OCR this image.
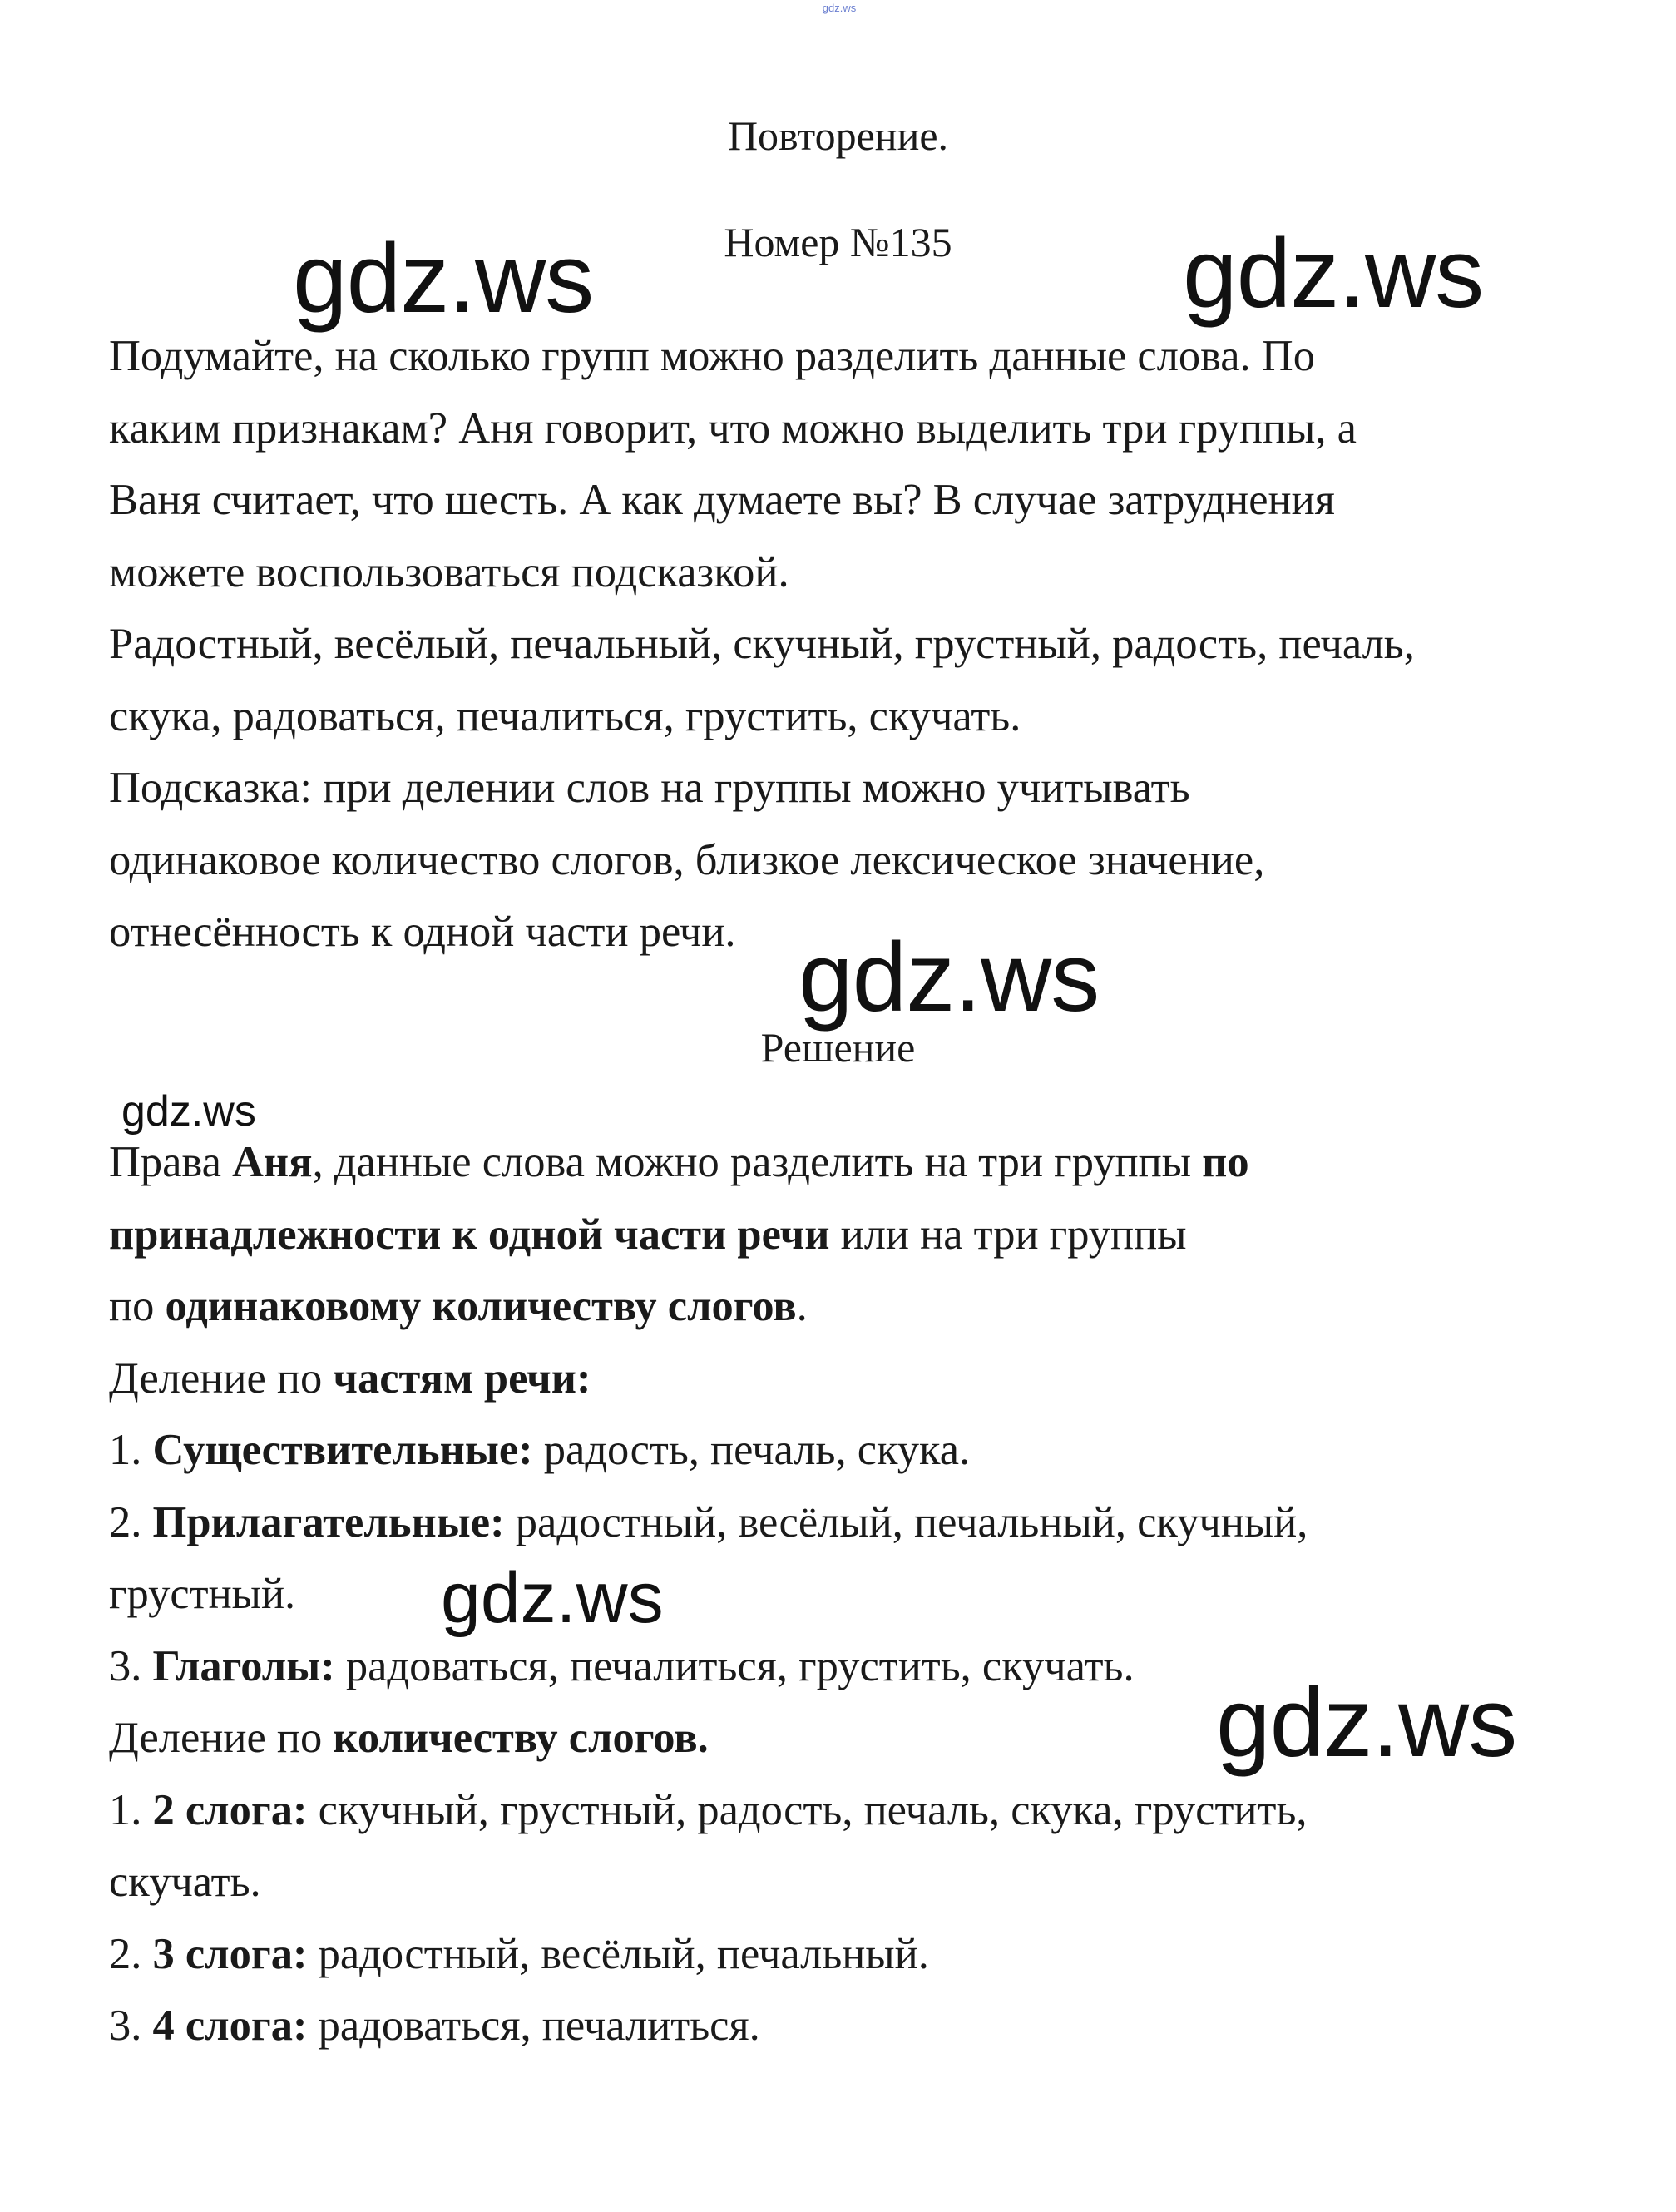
gdz.ws
Повторение.
Номер №135
Подумайте, на сколько групп можно разделить данные слова. По
каким признакам? Аня говорит, что можно выделить три группы, а
Ваня считает, что шесть. А как думаете вы? В случае затруднения
можете воспользоваться подсказкой.
Радостный, весёлый, печальный, скучный, грустный, радость, печаль,
скука, радоваться, печалиться, грустить, скучать.
Подсказка: при делении слов на группы можно учитывать
одинаковое количество слогов, близкое лексическое значение,
отнесённость к одной части речи.
Решение
Права Аня, данные слова можно разделить на три группы по
принадлежности к одной части речи или на три группы
по одинаковому количеству слогов.
Деление по частям речи:
1. Существительные: радость, печаль, скука.
2. Прилагательные: радостный, весёлый, печальный, скучный,
грустный.
3. Глаголы: радоваться, печалиться, грустить, скучать.
Деление по количеству слогов.
1. 2 слога: скучный, грустный, радость, печаль, скука, грустить,
скучать.
2. 3 слога: радостный, весёлый, печальный.
3. 4 слога: радоваться, печалиться.
gdz.ws	gdz.ws
gdz.ws
gdz.ws
gdz.ws
gdz.ws
